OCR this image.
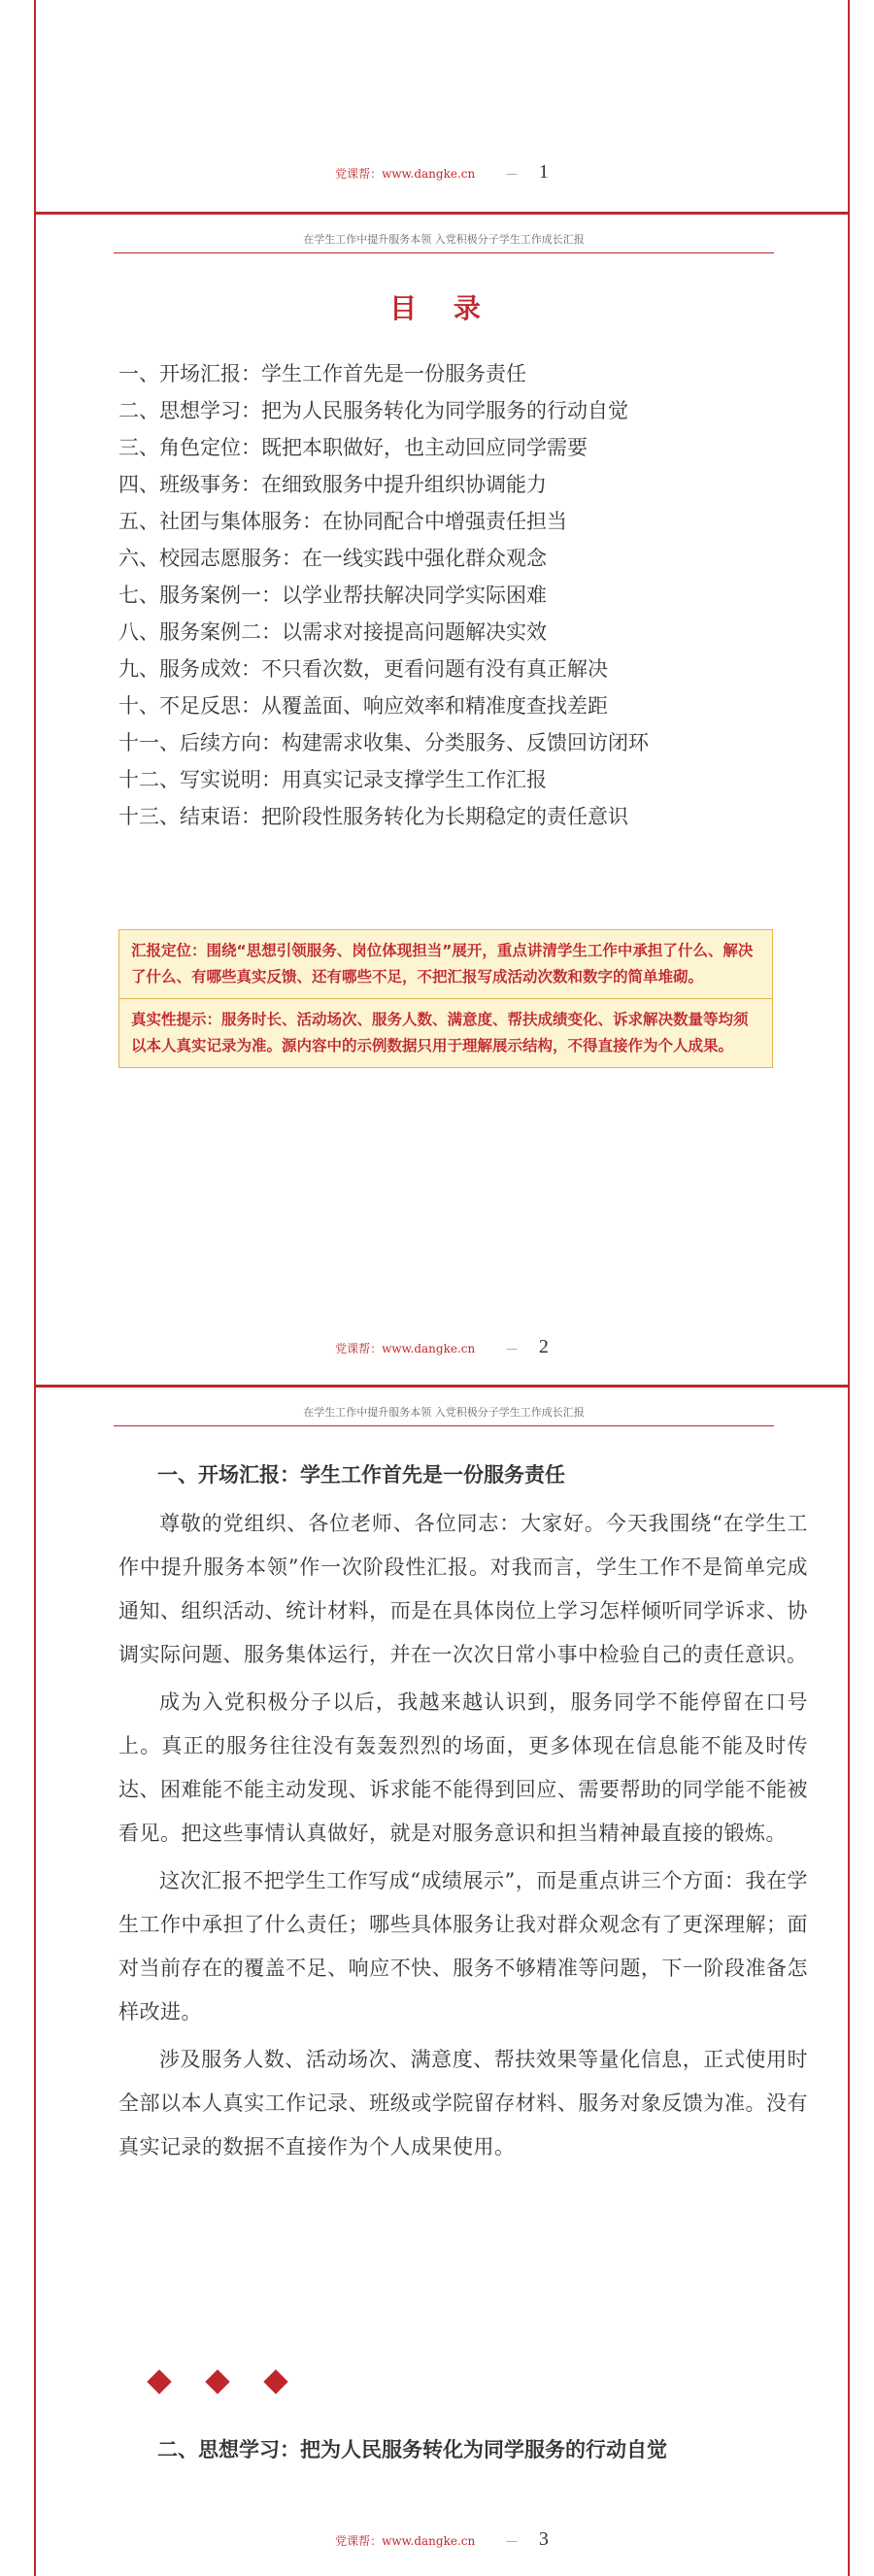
党课帮：www.dangke.cn	— 1
在学生工作中提升服务本领 入党积极分子学生工作成长汇报
目 录
一、开场汇报：学生工作首先是一份服务责任
二、思想学习：把为人民服务转化为同学服务的行动自觉
三、角色定位：既把本职做好，也主动回应同学需要
四、班级事务：在细致服务中提升组织协调能力
五、社团与集体服务：在协同配合中增强责任担当
六、校园志愿服务：在一线实践中强化群众观念
七、服务案例一：以学业帮扶解决同学实际困难
八、服务案例二：以需求对接提高问题解决实效
九、服务成效：不只看次数，更看问题有没有真正解决
十、不足反思：从覆盖面、响应效率和精准度查找差距
十一、后续方向：构建需求收集、分类服务、反馈回访闭环
十二、写实说明：用真实记录支撑学生工作汇报
十三、结束语：把阶段性服务转化为长期稳定的责任意识
汇报定位：围绕“思想引领服务、岗位体现担当”展开，重点讲清学生工作中承担了什么、解决了什么、有哪些真实反馈、还有哪些不足，不把汇报写成活动次数和数字的简单堆砌。
真实性提示：服务时长、活动场次、服务人数、满意度、帮扶成绩变化、诉求解决数量等均须以本人真实记录为准。源内容中的示例数据只用于理解展示结构，不得直接作为个人成果。
党课帮：www.dangke.cn	— 2
在学生工作中提升服务本领 入党积极分子学生工作成长汇报
一、开场汇报：学生工作首先是一份服务责任

尊敬的党组织、各位老师、各位同志：大家好。今天我围绕“在学生工作中提升服务本领”作一次阶段性汇报。对我而言，学生工作不是简单完成通知、组织活动、统计材料，而是在具体岗位上学习怎样倾听同学诉求、协调实际问题、服务集体运行，并在一次次日常小事中检验自己的责任意识。

成为入党积极分子以后，我越来越认识到，服务同学不能停留在口号上。真正的服务往往没有轰轰烈烈的场面，更多体现在信息能不能及时传达、困难能不能主动发现、诉求能不能得到回应、需要帮助的同学能不能被看见。把这些事情认真做好，就是对服务意识和担当精神最直接的锻炼。

这次汇报不把学生工作写成“成绩展示”，而是重点讲三个方面：我在学生工作中承担了什么责任；哪些具体服务让我对群众观念有了更深理解；面对当前存在的覆盖不足、响应不快、服务不够精准等问题，下一阶段准备怎样改进。

涉及服务人数、活动场次、满意度、帮扶效果等量化信息，正式使用时全部以本人真实工作记录、班级或学院留存材料、服务对象反馈为准。没有真实记录的数据不直接作为个人成果使用。

二、思想学习：把为人民服务转化为同学服务的行动自觉
党课帮：www.dangke.cn	— 3
